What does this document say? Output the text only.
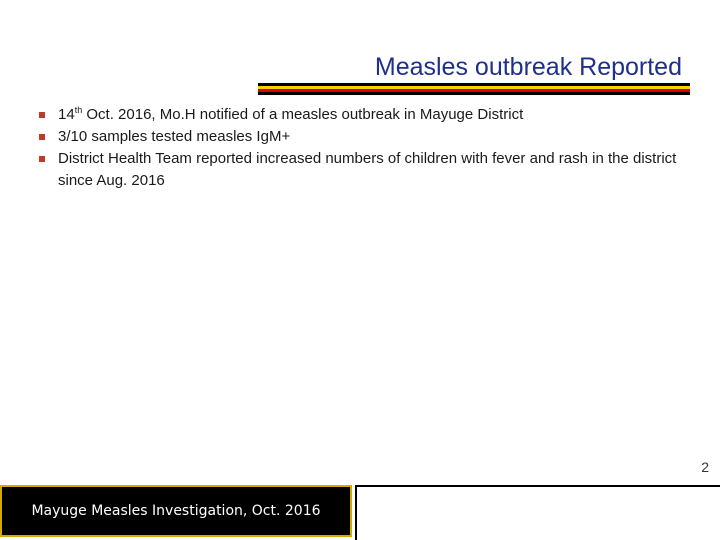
Measles outbreak Reported
14th Oct. 2016, Mo.H notified of a measles outbreak in Mayuge District
3/10 samples tested measles IgM+
District Health Team reported increased numbers of children with fever and rash in the district since Aug. 2016
2
Mayuge Measles Investigation, Oct. 2016
